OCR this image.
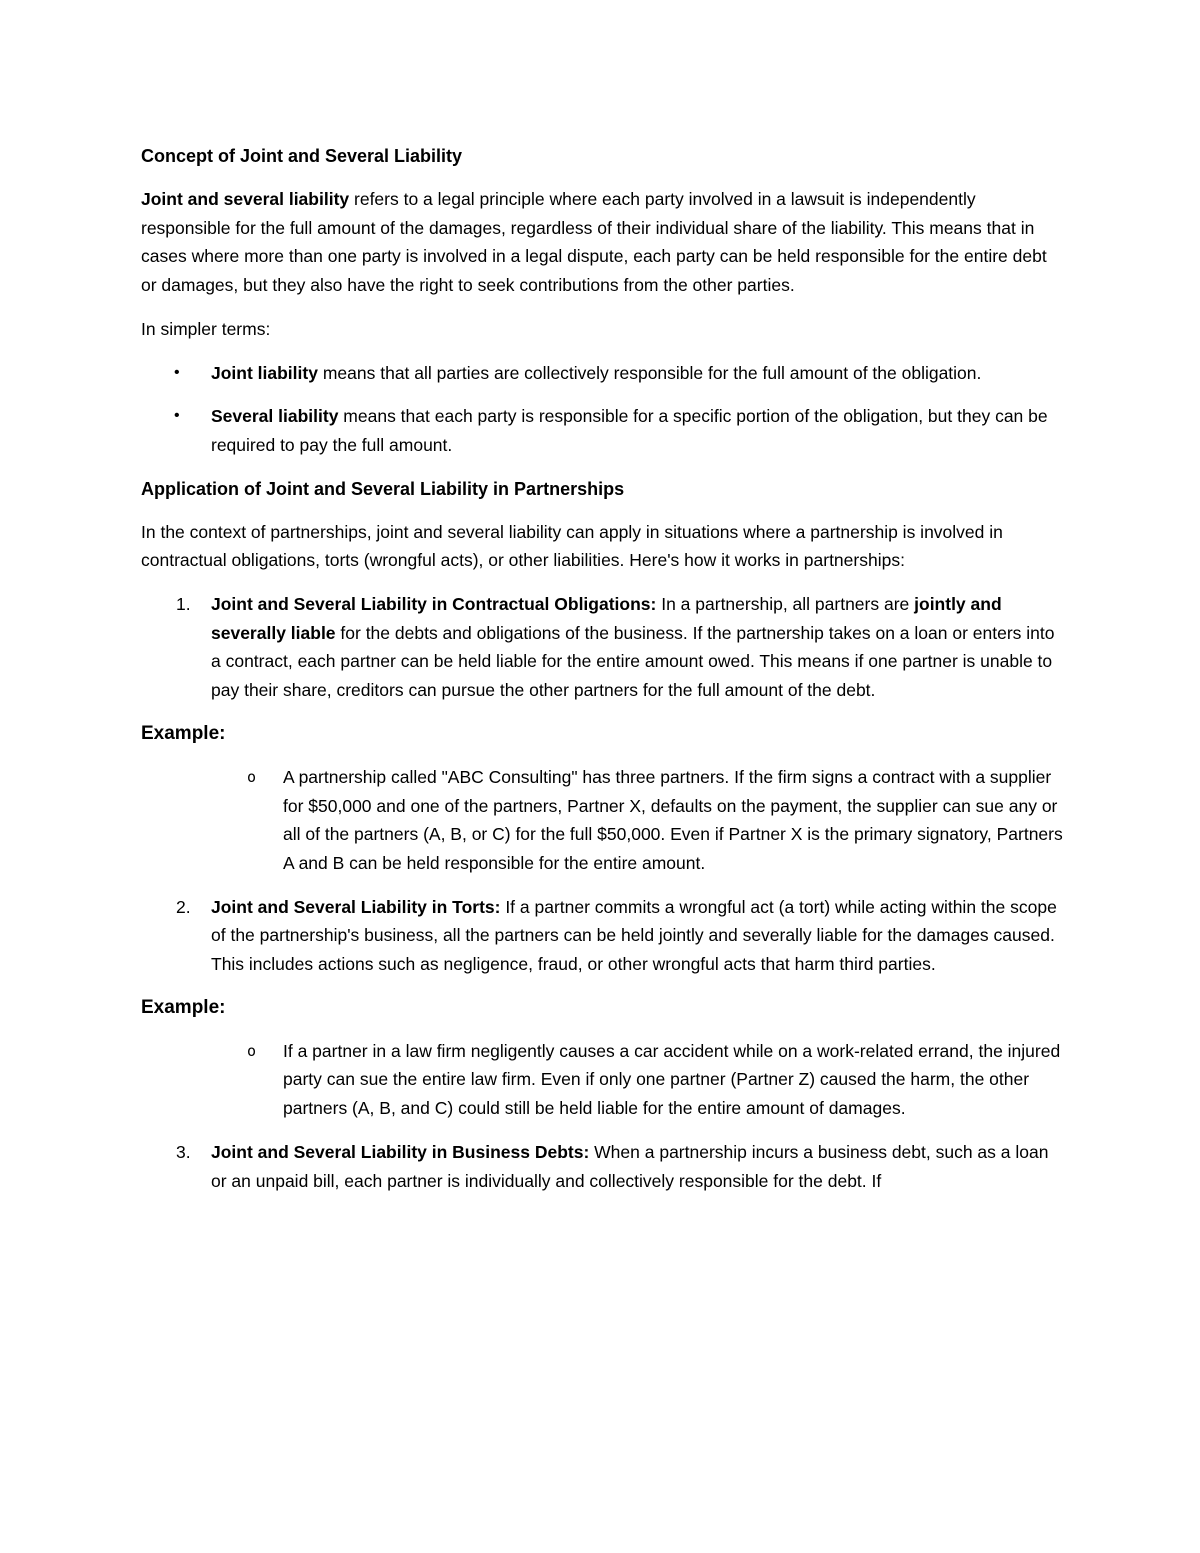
Concept of Joint and Several Liability

Joint and several liability refers to a legal principle where each party involved in a lawsuit is independently responsible for the full amount of the damages, regardless of their individual share of the liability. This means that in cases where more than one party is involved in a legal dispute, each party can be held responsible for the entire debt or damages, but they also have the right to seek contributions from the other parties.

In simpler terms:

• Joint liability means that all parties are collectively responsible for the full amount of the obligation.
• Several liability means that each party is responsible for a specific portion of the obligation, but they can be required to pay the full amount.
Application of Joint and Several Liability in Partnerships

In the context of partnerships, joint and several liability can apply in situations where a partnership is involved in contractual obligations, torts (wrongful acts), or other liabilities. Here's how it works in partnerships:

1. Joint and Several Liability in Contractual Obligations: In a partnership, all partners are jointly and severally liable for the debts and obligations of the business. If the partnership takes on a loan or enters into a contract, each partner can be held liable for the entire amount owed. This means if one partner is unable to pay their share, creditors can pursue the other partners for the full amount of the debt.
Example:
o A partnership called "ABC Consulting" has three partners. If the firm signs a contract with a supplier for $50,000 and one of the partners, Partner X, defaults on the payment, the supplier can sue any or all of the partners (A, B, or C) for the full $50,000. Even if Partner X is the primary signatory, Partners A and B can be held responsible for the entire amount.
2. Joint and Several Liability in Torts: If a partner commits a wrongful act (a tort) while acting within the scope of the partnership's business, all the partners can be held jointly and severally liable for the damages caused. This includes actions such as negligence, fraud, or other wrongful acts that harm third parties.
Example:
o If a partner in a law firm negligently causes a car accident while on a work-related errand, the injured party can sue the entire law firm. Even if only one partner (Partner Z) caused the harm, the other partners (A, B, and C) could still be held liable for the entire amount of damages.
3. Joint and Several Liability in Business Debts: When a partnership incurs a business debt, such as a loan or an unpaid bill, each partner is individually and collectively responsible for the debt. If
